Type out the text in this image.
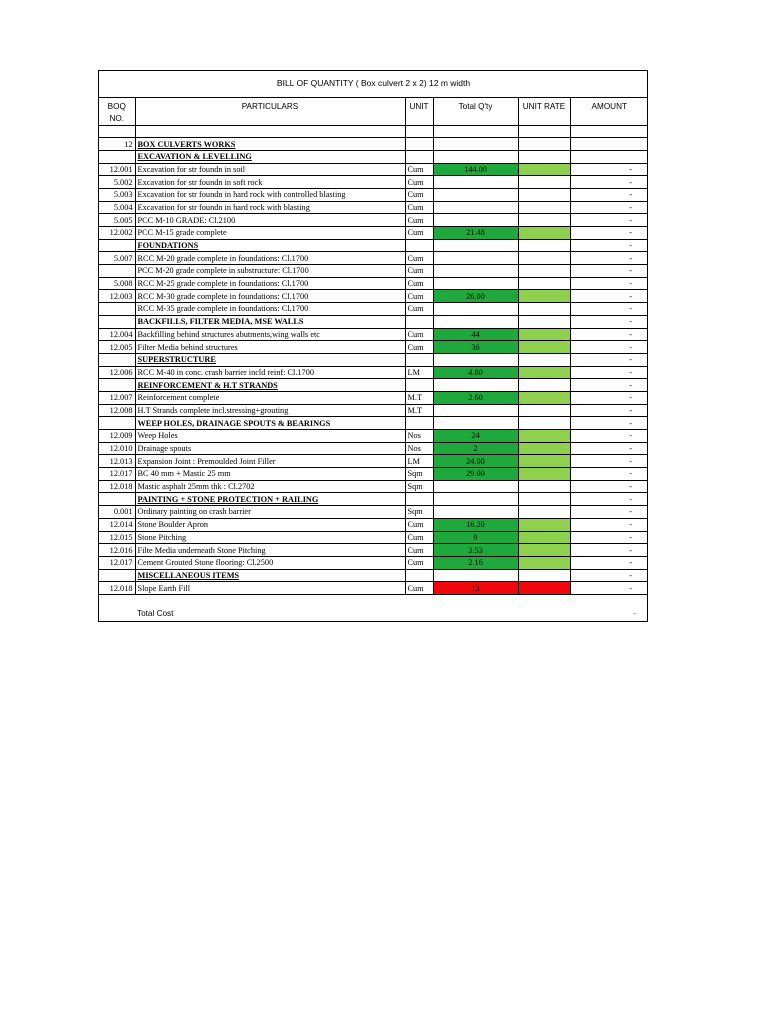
BILL OF QUANTITY ( Box culvert 2 x 2) 12 m width					
BOQ
NO.	PARTICULARS	UNIT	Total Q'ty	UNIT RATE	AMOUNT

12	BOX CULVERTS WORKS				
	EXCAVATION & LEVELLING				
12.001	Excavation for str foundn in soil	Cum	144.00		-
5.002	Excavation for str foundn in soft rock	Cum			-
5.003	Excavation for str foundn in hard rock with controlled blasting	Cum			-
5.004	Excavation for str foundn in hard rock with blasting	Cum			-
5.005	PCC M-10 GRADE: Cl.2100	Cum			-
12.002	PCC M-15 grade complete	Cum	21.48		-
	FOUNDATIONS				-
5.007	RCC M-20 grade complete in foundations: Cl.1700	Cum			-
	PCC M-20 grade complete in substructure: Cl.1700	Cum			-
5.008	RCC M-25 grade complete in foundations: Cl.1700	Cum			-
12.003	RCC M-30 grade complete in foundations: Cl.1700	Cum	26.00		-
	RCC M-35 grade complete in foundations: Cl.1700	Cum			-
	BACKFILLS, FILTER MEDIA, MSE WALLS				-
12.004	Backfilling behind structures abutments,wing walls etc	Cum	44		-
12.005	Filter Media behind structures	Cum	36		-
	SUPERSTRUCTURE				-
12.006	RCC M-40 in conc. crash barrier incld reinf: Cl.1700	LM	4.80		-
	REINFORCEMENT & H.T STRANDS				-
12.007	Reinforcement complete	M.T	2.60		-
12.008	H.T Strands complete incl.stressing+grouting	M.T			-
	WEEP HOLES, DRAINAGE SPOUTS & BEARINGS				-
12.009	Weep Holes	Nos	24		-
12.010	Drainage spouts	Nos	2		-
12.013	Expansion Joint : Premoulded Joint Filler	LM	24.00		-
12.017	BC 40 mm + Mastic 25 mm	Sqm	29.00		-
12.018	Mastic asphalt 25mm thk : Cl.2702	Sqm			-
	PAINTING + STONE PROTECTION + RAILING				-
0.001	Ordinary painting on crash barrier	Sqm			-
12.014	Stone Boulder Apron	Cum	16.20		-
12.015	Stone Pitching	Cum	9		-
12.016	Filte Media underneath Stone Pitching	Cum	3.53		-
12.017	Cement Grouted Stone flooring: Cl.2500	Cum	2.16		-
	MISCELLANEOUS ITEMS				-
12.018	Slope Earth Fill	Cum	13		-
	Total Cost				-
